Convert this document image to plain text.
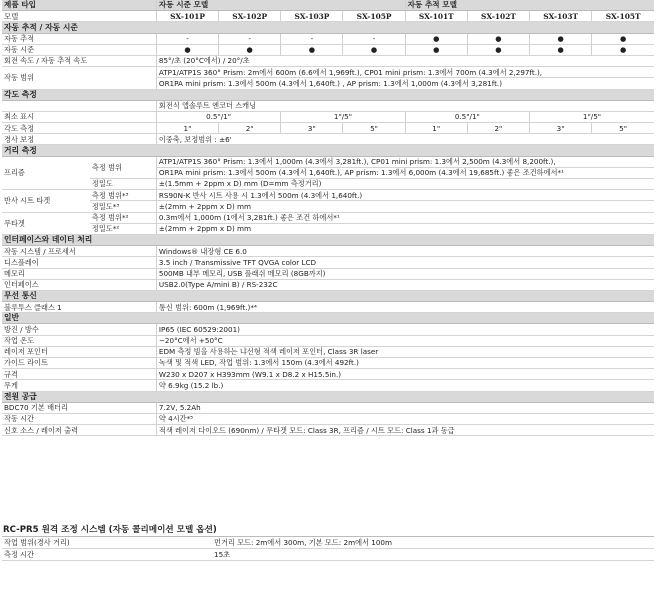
제품 타입		자동 시준 모델				자동 추적 모델			
모델		SX-101P	SX-102P	SX-103P	SX-105P	SX-101T	SX-102T	SX-103T	SX-105T
자동 추적 / 자동 시준									
자동 추적		-	-	-	-	●	●	●	●
자동 시준		●	●	●	●	●	●	●	●
회전 속도 / 자동 추적 속도		85°/초 (20°C에서) / 20°/초							
작동 범위		ATP1/ATP1S 360° Prism: 2m에서 600m (6.6에서 1,969ft.), CP01 mini prism: 1.3에서 700m (4.3에서 2,297ft.),							
		OR1PA mini prism: 1.3에서 500m (4.3에서 1,640ft.) , AP prism: 1.3에서 1,000m (4.3에서 3,281ft.)							
각도 측정									
		회전식 앱솔루트 엔코더 스캐닝							
최소 표시		0.5"/1"		1"/5"		0.5"/1"		1"/5"	
각도 측정		1"	2"	3"	5"	1"	2"	3"	5"
경사 보정		이중축, 보정범위 : ±6'							
거리 측정									
프리즘	측정 범위	ATP1/ATP1S 360° Prism: 1.3에서 1,000m (4.3에서 3,281ft.), CP01 mini prism: 1.3에서 2,500m (4.3에서 8,200ft.),							
		OR1PA mini prism: 1.3에서 500m (4.3에서 1,640ft.), AP prism: 1.3에서 6,000m (4.3에서 19,685ft.) 좋은 조건하에서*¹							
	정밀도	±(1.5mm + 2ppm x D) mm (D=mm 측정거리)							
반사 시트 타겟	측정 범위*³	RS90N-K 반사 시트 사용 시 1.3에서 500m (4.3에서 1,640ft.)							
	정밀도*³	±(2mm + 2ppm x D) mm							
무타겟	측정 범위*²	0.3m에서 1,000m (1에서 3,281ft.) 좋은 조건 하에서*¹							
	정밀도*²	±(2mm + 2ppm x D) mm							
인터페이스와 데이터 처리									
작동 시스템 / 프로세서		Windows® 내장형 CE 6.0							
디스플레이		3.5 inch / Transmissive TFT QVGA color LCD							
메모리		500MB 내부 메모리, USB 플래쉬 메모리 (8GB까지)							
인터페이스		USB2.0(Type A/mini B) / RS-232C							
무선 통신									
블루투스 클래스 1		통신 범위: 600m (1,969ft.)*⁴							
일반									
방진 / 방수		IP65 (IEC 60529:2001)							
작업 온도		−20°C에서 +50°C							
레이저 포인터		EDM 측정 빔을 사용하는 냐선형 적색 레이저 포인터, Class 3R laser							
가이드 라이트		녹색 및 적색 LED, 작업 범위: 1.3에서 150m (4.3에서 492ft.)							
규격		W230 x D207 x H393mm (W9.1 x D8.2 x H15.5in.)							
무게		약 6.9kg (15.2 lb.)							
전원 공급									
BDC70 기본 배터리		7.2V, 5.2Ah							
작동 시간		약 4시간*⁵							
신호 소스 / 레이저 출력		적색 레이저 다이오드 (690nm) / 무타겟 모드: Class 3R, 프리즘 / 시트 모드: Class 1과 동급							
RC-PR5 원격 조정 시스템 (자동 콜리메이션 모델 옵션)
작업 범위(경사 거리)	먼거리 모드: 2m에서 300m, 기본 모드: 2m에서 100m
측정 시간	15초
